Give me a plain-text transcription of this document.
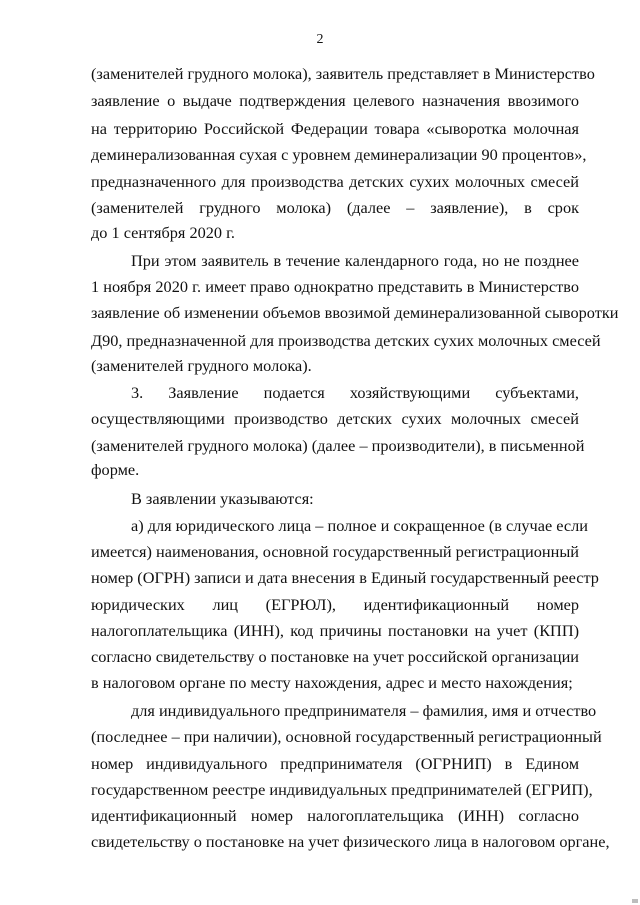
2
(заменителей грудного молока), заявитель представляет в Министерство
заявление о выдаче подтверждения целевого назначения ввозимого
на территорию Российской Федерации товара «сыворотка молочная
деминерализованная сухая с уровнем деминерализации 90 процентов»,
предназначенного для производства детских сухих молочных смесей
(заменителей грудного молока) (далее – заявление), в срок
до 1 сентября 2020 г.
При этом заявитель в течение календарного года, но не позднее
1 ноября 2020 г. имеет право однократно представить в Министерство
заявление об изменении объемов ввозимой деминерализованной сыворотки
Д90, предназначенной для производства детских сухих молочных смесей
(заменителей грудного молока).
3. Заявление подается хозяйствующими субъектами,
осуществляющими производство детских сухих молочных смесей
(заменителей грудного молока) (далее – производители), в письменной
форме.
В заявлении указываются:
а) для юридического лица – полное и сокращенное (в случае если
имеется) наименования, основной государственный регистрационный
номер (ОГРН) записи и дата внесения в Единый государственный реестр
юридических лиц (ЕГРЮЛ), идентификационный номер
налогоплательщика (ИНН), код причины постановки на учет (КПП)
согласно свидетельству о постановке на учет российской организации
в налоговом органе по месту нахождения, адрес и место нахождения;
для индивидуального предпринимателя – фамилия, имя и отчество
(последнее – при наличии), основной государственный регистрационный
номер индивидуального предпринимателя (ОГРНИП) в Едином
государственном реестре индивидуальных предпринимателей (ЕГРИП),
идентификационный номер налогоплательщика (ИНН) согласно
свидетельству о постановке на учет физического лица в налоговом органе,
